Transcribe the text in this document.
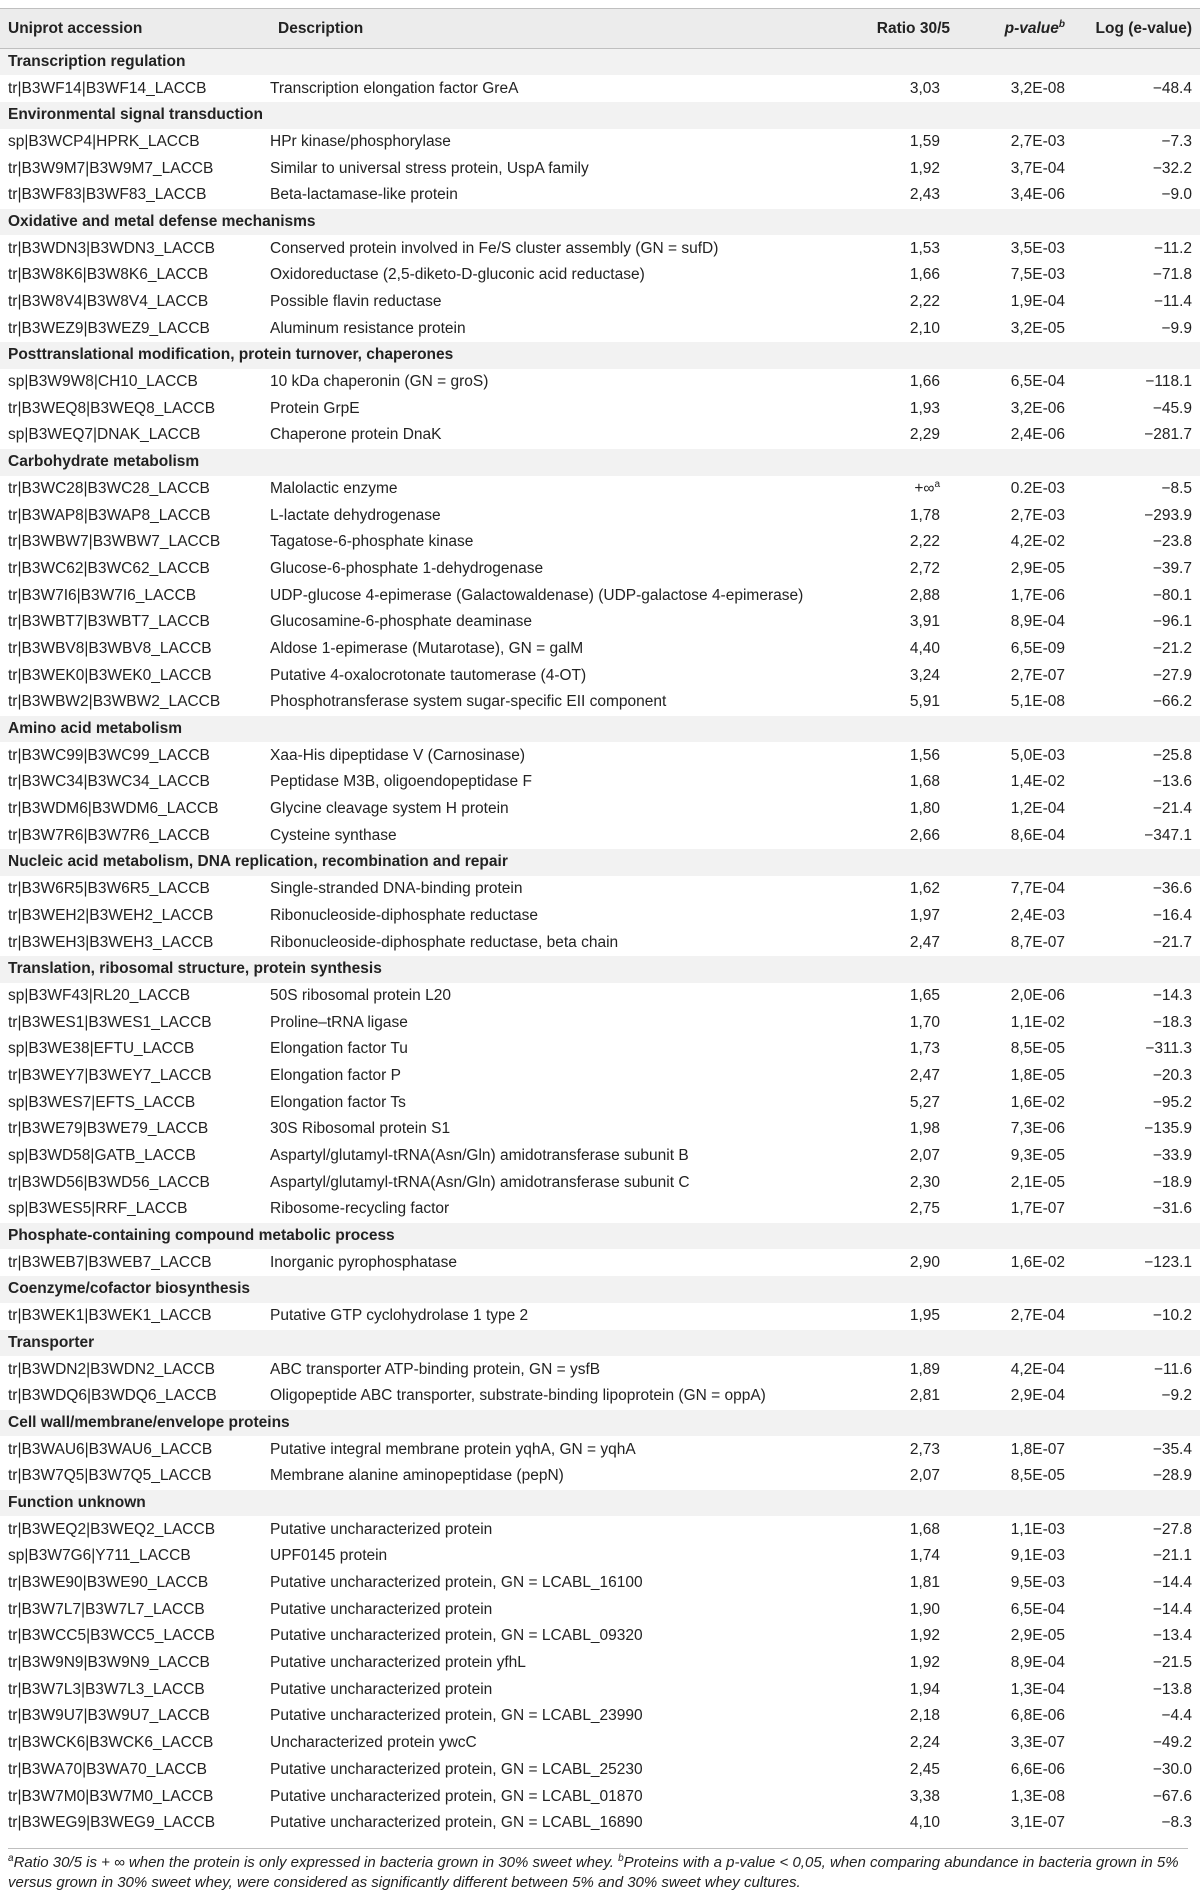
Uniprot accession	Description	Ratio 30/5	p-value$^b$	Log (e-value)
Transcription regulation				
tr|B3WF14|B3WF14_LACCB	Transcription elongation factor GreA	3,03	3,2E-08	−48.4
Environmental signal transduction				
sp|B3WCP4|HPRK_LACCB	HPr kinase/phosphorylase	1,59	2,7E-03	−7.3
tr|B3W9M7|B3W9M7_LACCB	Similar to universal stress protein, UspA family	1,92	3,7E-04	−32.2
tr|B3WF83|B3WF83_LACCB	Beta-lactamase-like protein	2,43	3,4E-06	−9.0
Oxidative and metal defense mechanisms				
tr|B3WDN3|B3WDN3_LACCB	Conserved protein involved in Fe/S cluster assembly (GN = sufD)	1,53	3,5E-03	−11.2
tr|B3W8K6|B3W8K6_LACCB	Oxidoreductase (2,5-diketo-D-gluconic acid reductase)	1,66	7,5E-03	−71.8
tr|B3W8V4|B3W8V4_LACCB	Possible flavin reductase	2,22	1,9E-04	−11.4
tr|B3WEZ9|B3WEZ9_LACCB	Aluminum resistance protein	2,10	3,2E-05	−9.9
Posttranslational modification, protein turnover, chaperones				
sp|B3W9W8|CH10_LACCB	10 kDa chaperonin (GN = groS)	1,66	6,5E-04	−118.1
tr|B3WEQ8|B3WEQ8_LACCB	Protein GrpE	1,93	3,2E-06	−45.9
sp|B3WEQ7|DNAK_LACCB	Chaperone protein DnaK	2,29	2,4E-06	−281.7
Carbohydrate metabolism				
tr|B3WC28|B3WC28_LACCB	Malolactic enzyme	+∞$^a$	0.2E-03	−8.5
tr|B3WAP8|B3WAP8_LACCB	L-lactate dehydrogenase	1,78	2,7E-03	−293.9
tr|B3WBW7|B3WBW7_LACCB	Tagatose-6-phosphate kinase	2,22	4,2E-02	−23.8
tr|B3WC62|B3WC62_LACCB	Glucose-6-phosphate 1-dehydrogenase	2,72	2,9E-05	−39.7
tr|B3W7I6|B3W7I6_LACCB	UDP-glucose 4-epimerase (Galactowaldenase) (UDP-galactose 4-epimerase)	2,88	1,7E-06	−80.1
tr|B3WBT7|B3WBT7_LACCB	Glucosamine-6-phosphate deaminase	3,91	8,9E-04	−96.1
tr|B3WBV8|B3WBV8_LACCB	Aldose 1-epimerase (Mutarotase), GN = galM	4,40	6,5E-09	−21.2
tr|B3WEK0|B3WEK0_LACCB	Putative 4-oxalocrotonate tautomerase (4-OT)	3,24	2,7E-07	−27.9
tr|B3WBW2|B3WBW2_LACCB	Phosphotransferase system sugar-specific EII component	5,91	5,1E-08	−66.2
Amino acid metabolism				
tr|B3WC99|B3WC99_LACCB	Xaa-His dipeptidase V (Carnosinase)	1,56	5,0E-03	−25.8
tr|B3WC34|B3WC34_LACCB	Peptidase M3B, oligoendopeptidase F	1,68	1,4E-02	−13.6
tr|B3WDM6|B3WDM6_LACCB	Glycine cleavage system H protein	1,80	1,2E-04	−21.4
tr|B3W7R6|B3W7R6_LACCB	Cysteine synthase	2,66	8,6E-04	−347.1
Nucleic acid metabolism, DNA replication, recombination and repair				
tr|B3W6R5|B3W6R5_LACCB	Single-stranded DNA-binding protein	1,62	7,7E-04	−36.6
tr|B3WEH2|B3WEH2_LACCB	Ribonucleoside-diphosphate reductase	1,97	2,4E-03	−16.4
tr|B3WEH3|B3WEH3_LACCB	Ribonucleoside-diphosphate reductase, beta chain	2,47	8,7E-07	−21.7
Translation, ribosomal structure, protein synthesis				
sp|B3WF43|RL20_LACCB	50S ribosomal protein L20	1,65	2,0E-06	−14.3
tr|B3WES1|B3WES1_LACCB	Proline–tRNA ligase	1,70	1,1E-02	−18.3
sp|B3WE38|EFTU_LACCB	Elongation factor Tu	1,73	8,5E-05	−311.3
tr|B3WEY7|B3WEY7_LACCB	Elongation factor P	2,47	1,8E-05	−20.3
sp|B3WES7|EFTS_LACCB	Elongation factor Ts	5,27	1,6E-02	−95.2
tr|B3WE79|B3WE79_LACCB	30S Ribosomal protein S1	1,98	7,3E-06	−135.9
sp|B3WD58|GATB_LACCB	Aspartyl/glutamyl-tRNA(Asn/Gln) amidotransferase subunit B	2,07	9,3E-05	−33.9
tr|B3WD56|B3WD56_LACCB	Aspartyl/glutamyl-tRNA(Asn/Gln) amidotransferase subunit C	2,30	2,1E-05	−18.9
sp|B3WES5|RRF_LACCB	Ribosome-recycling factor	2,75	1,7E-07	−31.6
Phosphate-containing compound metabolic process				
tr|B3WEB7|B3WEB7_LACCB	Inorganic pyrophosphatase	2,90	1,6E-02	−123.1
Coenzyme/cofactor biosynthesis				
tr|B3WEK1|B3WEK1_LACCB	Putative GTP cyclohydrolase 1 type 2	1,95	2,7E-04	−10.2
Transporter				
tr|B3WDN2|B3WDN2_LACCB	ABC transporter ATP-binding protein, GN = ysfB	1,89	4,2E-04	−11.6
tr|B3WDQ6|B3WDQ6_LACCB	Oligopeptide ABC transporter, substrate-binding lipoprotein (GN = oppA)	2,81	2,9E-04	−9.2
Cell wall/membrane/envelope proteins				
tr|B3WAU6|B3WAU6_LACCB	Putative integral membrane protein yqhA, GN = yqhA	2,73	1,8E-07	−35.4
tr|B3W7Q5|B3W7Q5_LACCB	Membrane alanine aminopeptidase (pepN)	2,07	8,5E-05	−28.9
Function unknown				
tr|B3WEQ2|B3WEQ2_LACCB	Putative uncharacterized protein	1,68	1,1E-03	−27.8
sp|B3W7G6|Y711_LACCB	UPF0145 protein	1,74	9,1E-03	−21.1
tr|B3WE90|B3WE90_LACCB	Putative uncharacterized protein, GN = LCABL_16100	1,81	9,5E-03	−14.4
tr|B3W7L7|B3W7L7_LACCB	Putative uncharacterized protein	1,90	6,5E-04	−14.4
tr|B3WCC5|B3WCC5_LACCB	Putative uncharacterized protein, GN = LCABL_09320	1,92	2,9E-05	−13.4
tr|B3W9N9|B3W9N9_LACCB	Putative uncharacterized protein yfhL	1,92	8,9E-04	−21.5
tr|B3W7L3|B3W7L3_LACCB	Putative uncharacterized protein	1,94	1,3E-04	−13.8
tr|B3W9U7|B3W9U7_LACCB	Putative uncharacterized protein, GN = LCABL_23990	2,18	6,8E-06	−4.4
tr|B3WCK6|B3WCK6_LACCB	Uncharacterized protein ywcC	2,24	3,3E-07	−49.2
tr|B3WA70|B3WA70_LACCB	Putative uncharacterized protein, GN = LCABL_25230	2,45	6,6E-06	−30.0
tr|B3W7M0|B3W7M0_LACCB	Putative uncharacterized protein, GN = LCABL_01870	3,38	1,3E-08	−67.6
tr|B3WEG9|B3WEG9_LACCB	Putative uncharacterized protein, GN = LCABL_16890	4,10	3,1E-07	−8.3
$^a$Ratio 30/5 is + ∞ when the protein is only expressed in bacteria grown in 30% sweet whey. $^b$Proteins with a p-value < 0,05, when comparing abundance in bacteria grown in 5% versus grown in 30% sweet whey, were considered as significantly different between 5% and 30% sweet whey cultures.
